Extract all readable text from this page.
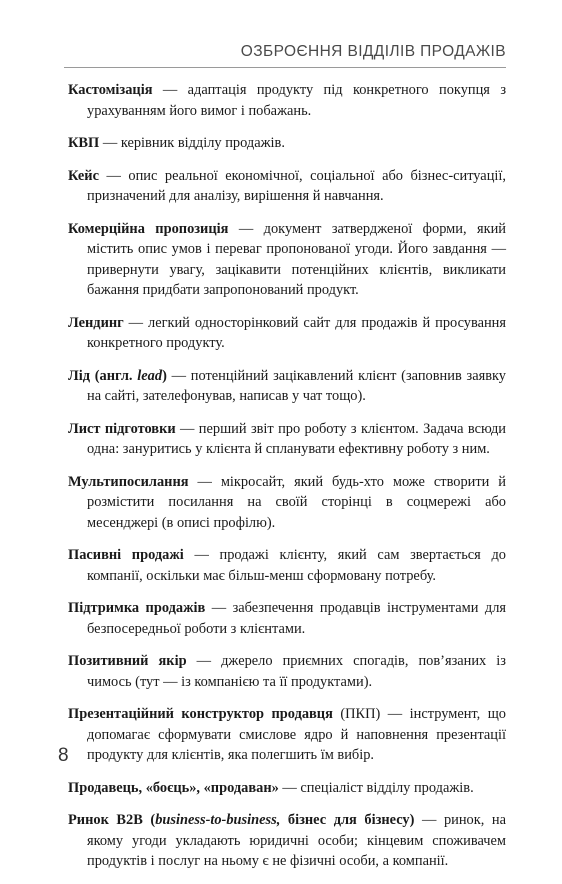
ОЗБРОЄННЯ ВІДДІЛІВ ПРОДАЖІВ

Кастомізація — адаптація продукту під конкретного покупця з урахуванням його вимог і побажань.

КВП — керівник відділу продажів.

Кейс — опис реальної економічної, соціальної або бізнес-ситуації, призначений для аналізу, вирішення й навчання.

Комерційна пропозиція — документ затвердженої форми, який містить опис умов і переваг пропонованої угоди. Його завдання — привернути увагу, зацікавити потенційних клієнтів, викликати бажання придбати запропонований продукт.

Лендинг — легкий односторінковий сайт для продажів й просування конкретного продукту.

Лід (англ. lead) — потенційний зацікавлений клієнт (заповнив заявку на сайті, зателефонував, написав у чат тощо).

Лист підготовки — перший звіт про роботу з клієнтом. Задача всюди одна: зануритись у клієнта й спланувати ефективну роботу з ним.

Мультипосилання — мікросайт, який будь-хто може створити й розмістити посилання на своїй сторінці в соцмережі або месенджері (в описі профілю).

Пасивні продажі — продажі клієнту, який сам звертається до компанії, оскільки має більш-менш сформовану потребу.

Підтримка продажів — забезпечення продавців інструментами для безпосередньої роботи з клієнтами.

Позитивний якір — джерело приємних спогадів, пов’язаних із чимось (тут — із компанією та її продуктами).

Презентаційний конструктор продавця (ПКП) — інструмент, що допомагає сформувати смислове ядро й наповнення презентації продукту для клієнтів, яка полегшить їм вибір.

Продавець, «боєць», «продаван» — спеціаліст відділу продажів.

Ринок B2B (business-to-business, бізнес для бізнесу) — ринок, на якому угоди укладають юридичні особи; кінцевим споживачем продуктів і послуг на ньому є не фізичні особи, а компанії.

8
